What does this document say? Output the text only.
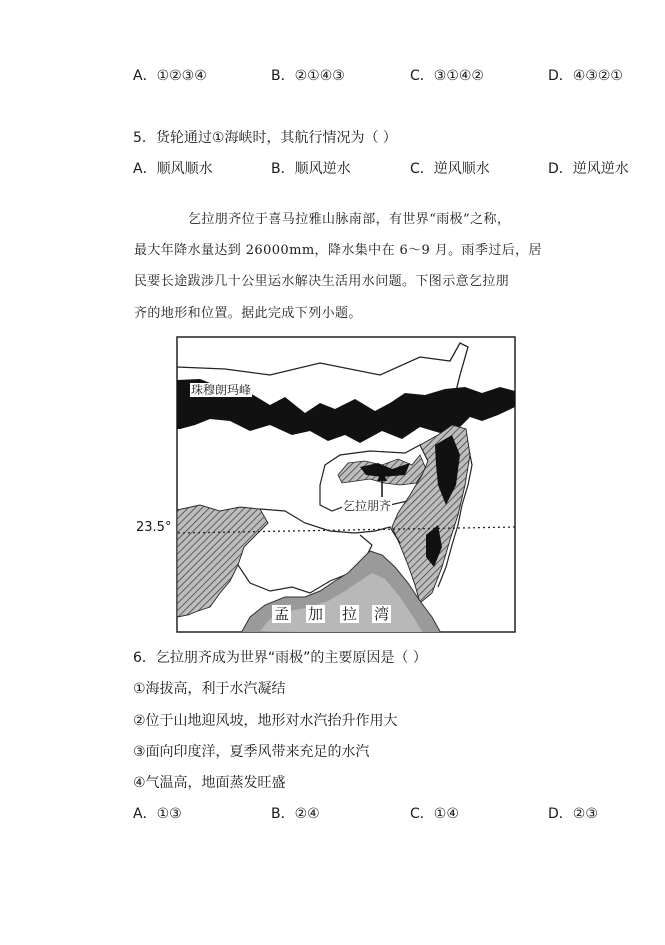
A．①②③④	B．②①④③	C．③①④②	D．④③②①
5．货轮通过①海峡时，其航行情况为（ ）
A．顺风顺水	B．顺风逆水	C．逆风顺水	D．逆风逆水
乞拉朋齐位于喜马拉雅山脉南部，有世界“雨极”之称，
最大年降水量达到 26000mm，降水集中在 6～9 月。雨季过后，居
民要长途跋涉几十公里运水解决生活用水问题。下图示意乞拉朋
齐的地形和位置。据此完成下列小题。
珠穆朗玛峰
乞拉朋齐
23.5°
孟 加 拉 湾
6．乞拉朋齐成为世界“雨极”的主要原因是（ ）
①海拔高，利于水汽凝结
②位于山地迎风坡，地形对水汽抬升作用大
③面向印度洋，夏季风带来充足的水汽
④气温高，地面蒸发旺盛
A．①③	B．②④	C．①④	D．②③
